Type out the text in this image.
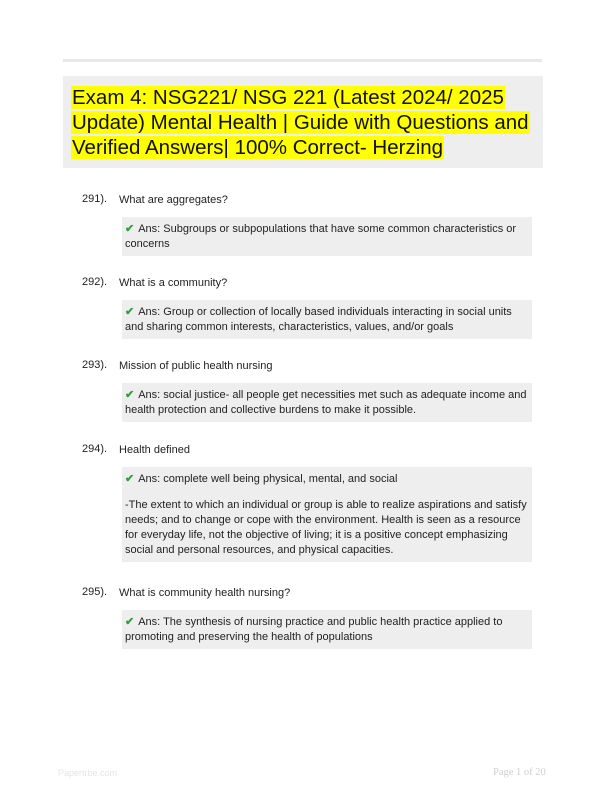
Exam 4: NSG221/ NSG 221 (Latest 2024/ 2025 Update) Mental Health | Guide with Questions and Verified Answers| 100% Correct- Herzing
291). What are aggregates?
✔ Ans: Subgroups or subpopulations that have some common characteristics or concerns
292). What is a community?
✔ Ans: Group or collection of locally based individuals interacting in social units and sharing common interests, characteristics, values, and/or goals
293). Mission of public health nursing
✔ Ans: social justice- all people get necessities met such as adequate income and health protection and collective burdens to make it possible.
294). Health defined
✔ Ans: complete well being physical, mental, and social
-The extent to which an individual or group is able to realize aspirations and satisfy needs; and to change or cope with the environment. Health is seen as a resource for everyday life, not the objective of living; it is a positive concept emphasizing social and personal resources, and physical capacities.
295). What is community health nursing?
✔ Ans: The synthesis of nursing practice and public health practice applied to promoting and preserving the health of populations
Papertrbe.com	Page 1 of 20
